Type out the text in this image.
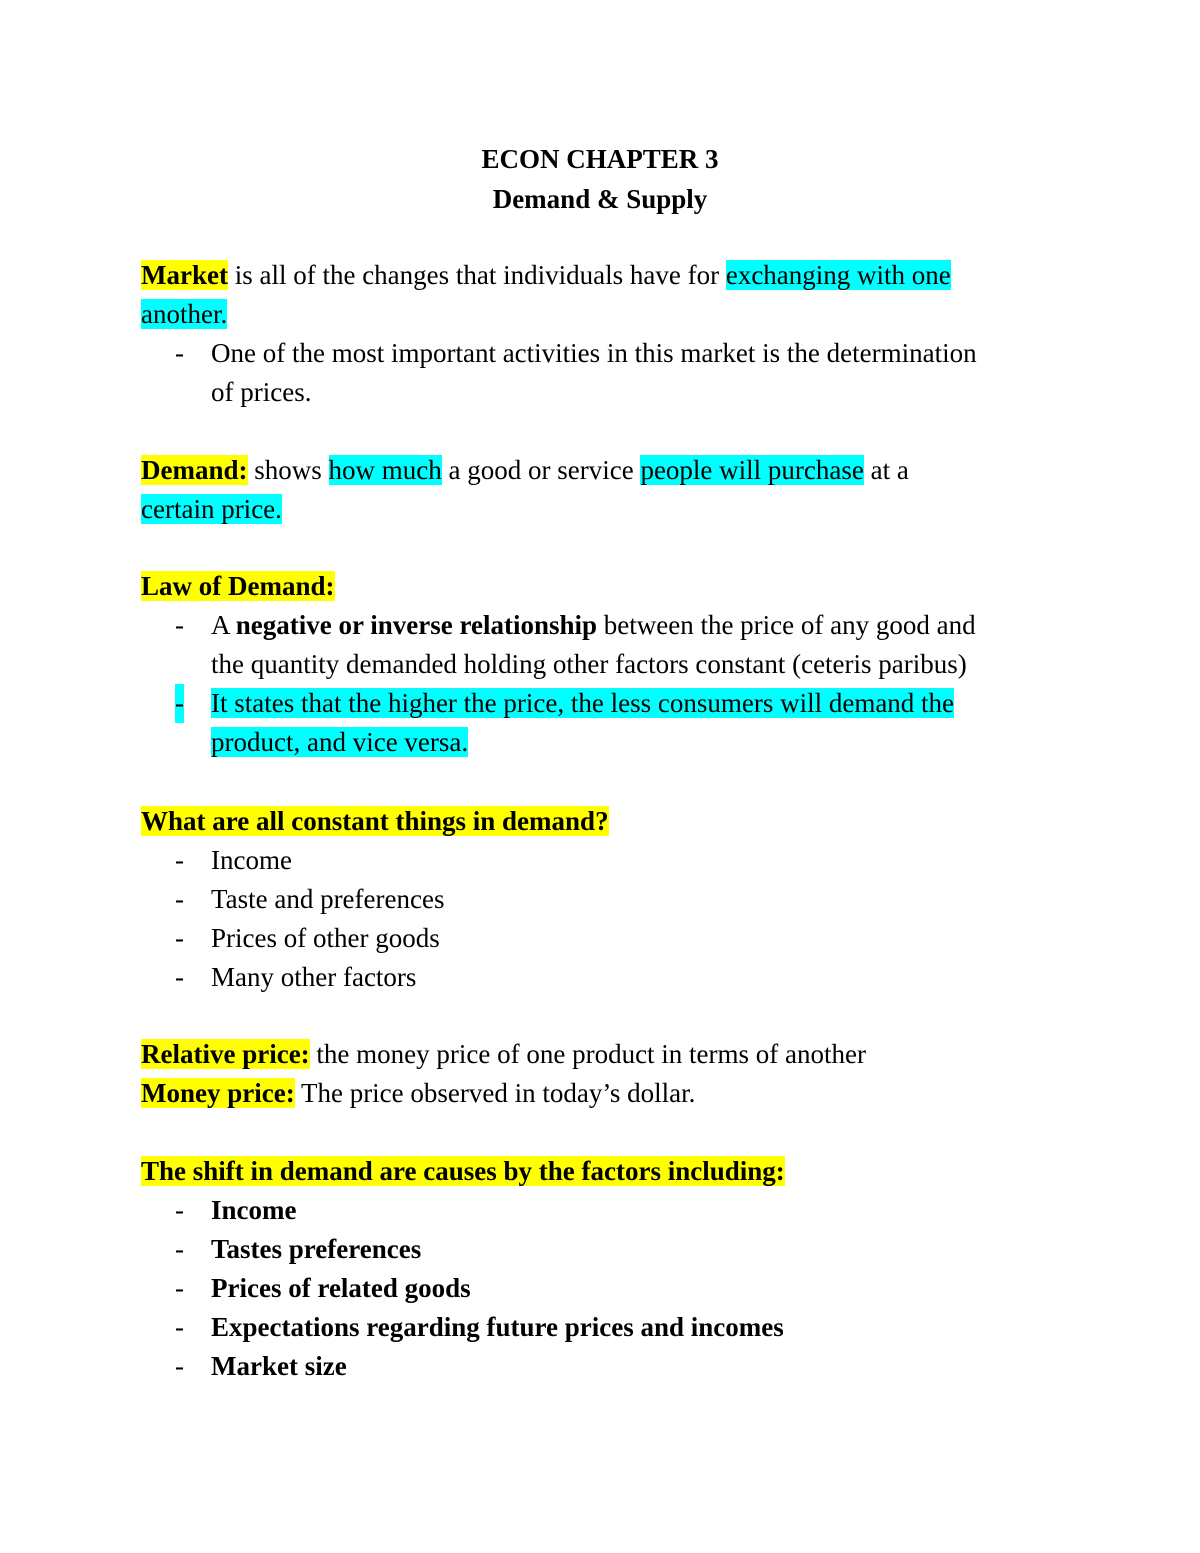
ECON CHAPTER 3
Demand & Supply
Market is all of the changes that individuals have for exchanging with one
another.
- One of the most important activities in this market is the determination
of prices.
Demand: shows how much a good or service people will purchase at a
certain price.
Law of Demand:
- A negative or inverse relationship between the price of any good and
the quantity demanded holding other factors constant (ceteris paribus)
- It states that the higher the price, the less consumers will demand the
product, and vice versa.
What are all constant things in demand?
- Income
- Taste and preferences
- Prices of other goods
- Many other factors
Relative price: the money price of one product in terms of another
Money price: The price observed in today’s dollar.
The shift in demand are causes by the factors including:
- Income
- Tastes preferences
- Prices of related goods
- Expectations regarding future prices and incomes
- Market size
